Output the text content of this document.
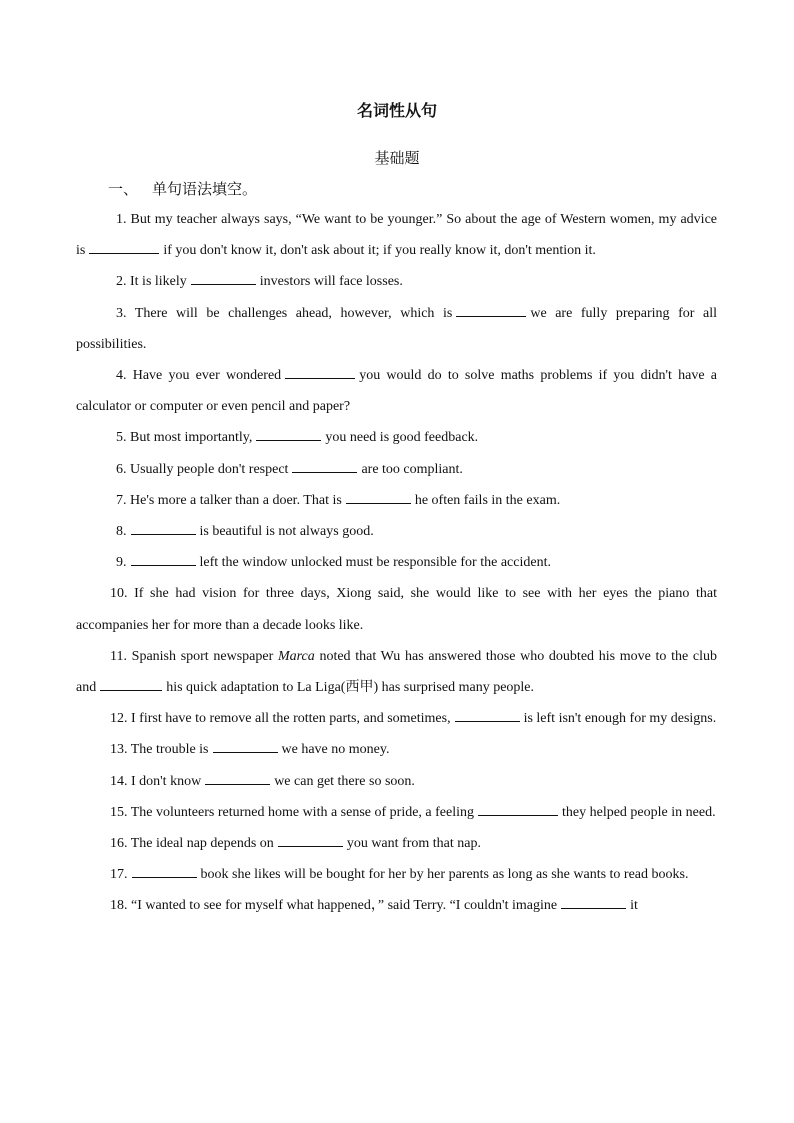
名词性从句
基础题
一、 单句语法填空。

1. But my teacher always says, “We want to be younger.” So about the age of Western women, my advice is	if you don't know it, don't ask about it; if you really know it, don't mention it.

2. It is likely	investors will face losses.

3. There will be challenges ahead, however, which is	we are fully preparing for all possibilities.

4. Have you ever wondered	you would do to solve maths problems if you didn't have a calculator or computer or even pencil and paper?

5. But most importantly,	you need is good feedback.

6. Usually people don't respect	are too compliant.

7. He's more a talker than a doer. That is	he often fails in the exam.

8.	is beautiful is not always good.

9.	left the window unlocked must be responsible for the accident.

10. If she had vision for three days, Xiong said, she would like to see with her eyes the piano that accompanies her for more than a decade looks like.

11. Spanish sport newspaper Marca noted that Wu has answered those who doubted his move to the club and	his quick adaptation to La Liga(西甲) has surprised many people.

12. I first have to remove all the rotten parts, and sometimes,	is left isn't enough for my designs.

13. The trouble is	we have no money.

14. I don't know	we can get there so soon.

15. The volunteers returned home with a sense of pride, a feeling	they helped people in need.

16. The ideal nap depends on	you want from that nap.

17.	book she likes will be bought for her by her parents as long as she wants to read books.

18. “I wanted to see for myself what happened，” said Terry. “I couldn't imagine	it
